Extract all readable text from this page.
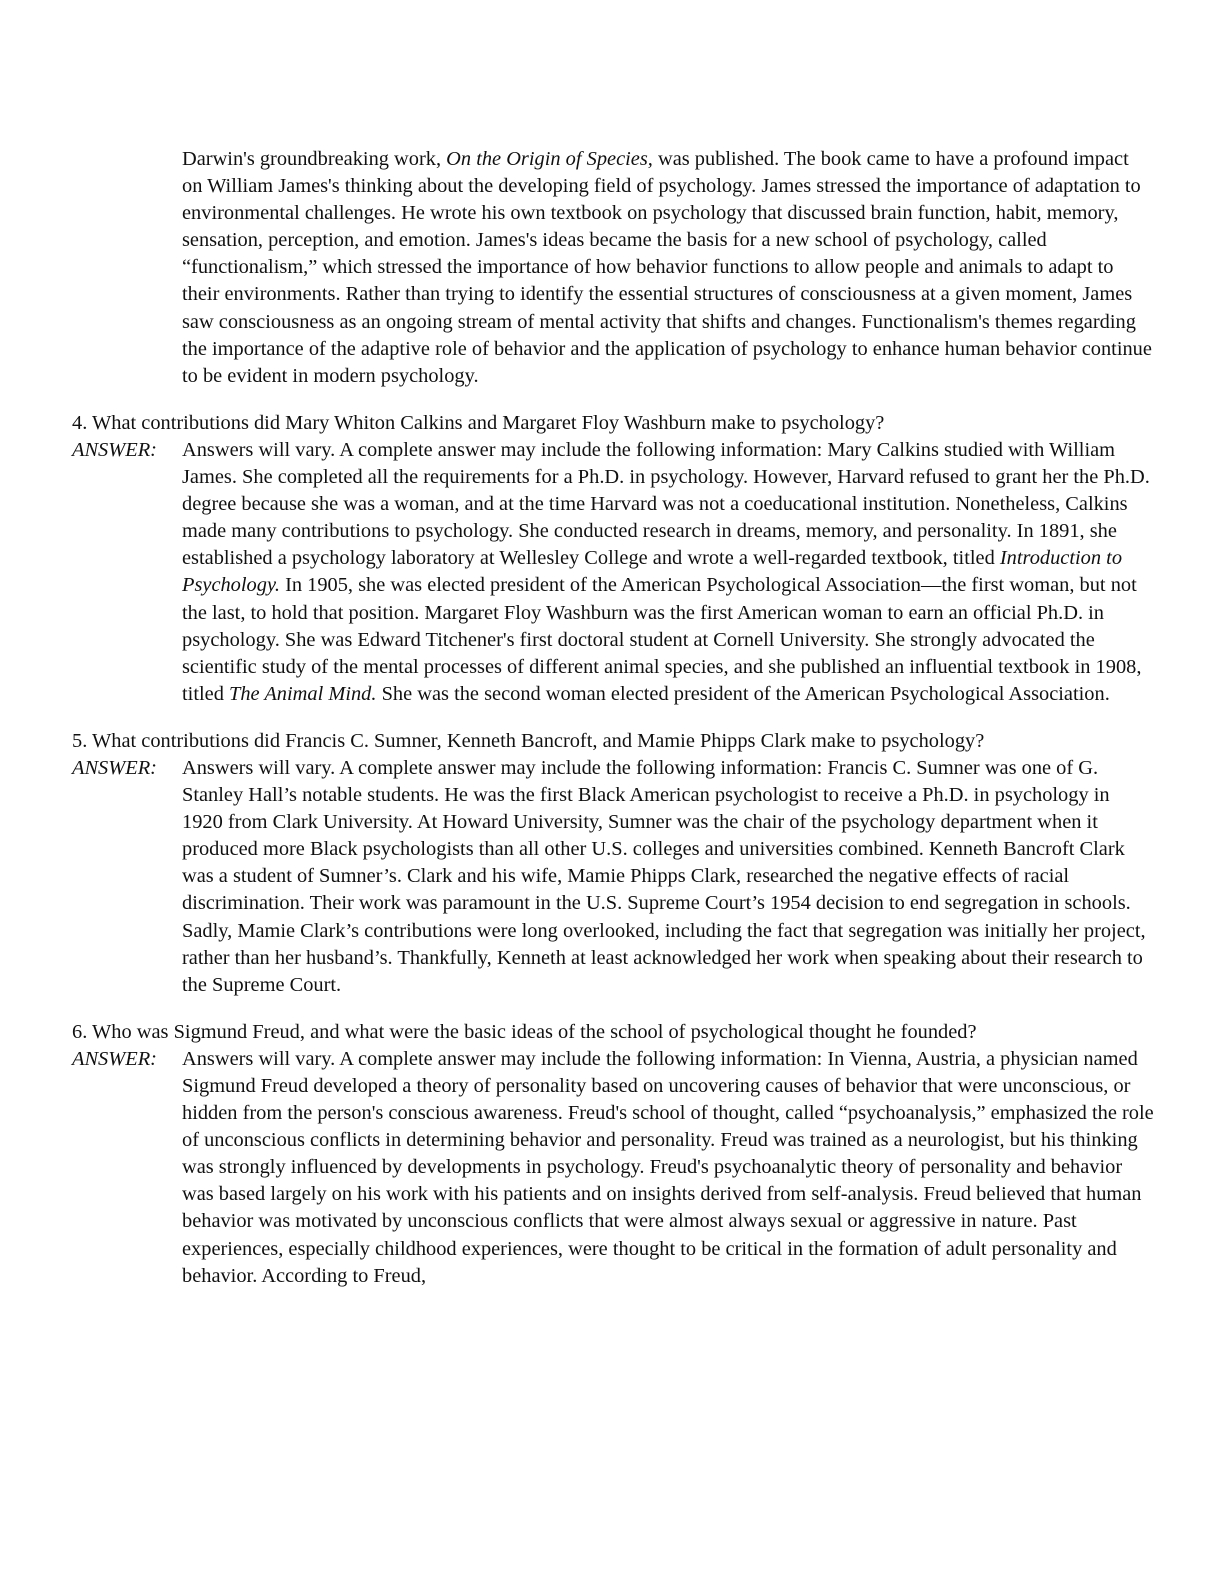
Darwin's groundbreaking work, On the Origin of Species, was published. The book came to have a profound impact on William James's thinking about the developing field of psychology. James stressed the importance of adaptation to environmental challenges. He wrote his own textbook on psychology that discussed brain function, habit, memory, sensation, perception, and emotion. James's ideas became the basis for a new school of psychology, called “functionalism,” which stressed the importance of how behavior functions to allow people and animals to adapt to their environments. Rather than trying to identify the essential structures of consciousness at a given moment, James saw consciousness as an ongoing stream of mental activity that shifts and changes. Functionalism's themes regarding the importance of the adaptive role of behavior and the application of psychology to enhance human behavior continue to be evident in modern psychology.

4. What contributions did Mary Whiton Calkins and Margaret Floy Washburn make to psychology?
ANSWER:	Answers will vary. A complete answer may include the following information: Mary Calkins studied with William James. She completed all the requirements for a Ph.D. in psychology. However, Harvard refused to grant her the Ph.D. degree because she was a woman, and at the time Harvard was not a coeducational institution. Nonetheless, Calkins made many contributions to psychology. She conducted research in dreams, memory, and personality. In 1891, she established a psychology laboratory at Wellesley College and wrote a well-regarded textbook, titled Introduction to Psychology. In 1905, she was elected president of the American Psychological Association—the first woman, but not the last, to hold that position. Margaret Floy Washburn was the first American woman to earn an official Ph.D. in psychology. She was Edward Titchener's first doctoral student at Cornell University. She strongly advocated the scientific study of the mental processes of different animal species, and she published an influential textbook in 1908, titled The Animal Mind. She was the second woman elected president of the American Psychological Association.
5. What contributions did Francis C. Sumner, Kenneth Bancroft, and Mamie Phipps Clark make to psychology?
ANSWER:	Answers will vary. A complete answer may include the following information: Francis C. Sumner was one of G. Stanley Hall’s notable students. He was the first Black American psychologist to receive a Ph.D. in psychology in 1920 from Clark University. At Howard University, Sumner was the chair of the psychology department when it produced more Black psychologists than all other U.S. colleges and universities combined. Kenneth Bancroft Clark was a student of Sumner’s. Clark and his wife, Mamie Phipps Clark, researched the negative effects of racial discrimination. Their work was paramount in the U.S. Supreme Court’s 1954 decision to end segregation in schools. Sadly, Mamie Clark’s contributions were long overlooked, including the fact that segregation was initially her project, rather than her husband’s. Thankfully, Kenneth at least acknowledged her work when speaking about their research to the Supreme Court.
6. Who was Sigmund Freud, and what were the basic ideas of the school of psychological thought he founded?
ANSWER:	Answers will vary. A complete answer may include the following information: In Vienna, Austria, a physician named Sigmund Freud developed a theory of personality based on uncovering causes of behavior that were unconscious, or hidden from the person's conscious awareness. Freud's school of thought, called “psychoanalysis,” emphasized the role of unconscious conflicts in determining behavior and personality. Freud was trained as a neurologist, but his thinking was strongly influenced by developments in psychology. Freud's psychoanalytic theory of personality and behavior was based largely on his work with his patients and on insights derived from self-analysis. Freud believed that human behavior was motivated by unconscious conflicts that were almost always sexual or aggressive in nature. Past experiences, especially childhood experiences, were thought to be critical in the formation of adult personality and behavior. According to Freud,
